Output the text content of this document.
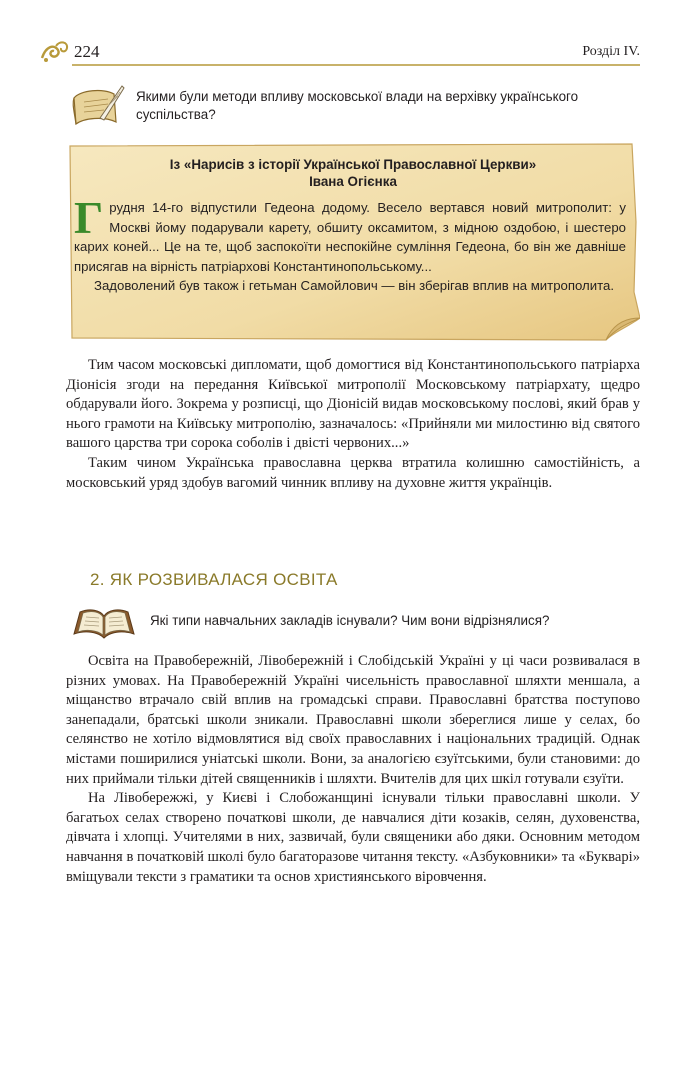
224	Розділ IV.
Якими були методи впливу московської влади на верхівку українського суспільства?
Із «Нарисів з історії Української Православної Церкви»
Івана Огієнка

Грудня 14-го відпустили Гедеона додому. Весело вертався новий митрополит: у Москві йому подарували карету, обшиту оксамитом, з мідною оздобою, і шестеро карих коней... Це на те, щоб заспокоїти неспокійне сумління Гедеона, бо він же давніше присягав на вірність патріархові Константинопольському...

Задоволений був також і гетьман Самойлович — він зберігав вплив на митрополита.

Тим часом московські дипломати, щоб домогтися від Константинопольського патріарха Діонісія згоди на передання Київської митрополії Московському патріархату, щедро обдарували його. Зокрема у розписці, що Діонісій видав московському послові, який брав у нього грамоти на Київську митрополію, зазначалось: «Прийняли ми милостиню від святого вашого царства три сорока соболів і двісті червоних...»

Таким чином Українська православна церква втратила колишню самостійність, а московський уряд здобув вагомий чинник впливу на духовне життя українців.

2. ЯК РОЗВИВАЛАСЯ ОСВІТА
Які типи навчальних закладів існували? Чим вони відрізнялися?

Освіта на Правобережній, Лівобережній і Слобідській Україні у ці часи розвивалася в різних умовах. На Правобережній Україні чисельність православної шляхти меншала, а міщанство втрачало свій вплив на громадські справи. Православні братства поступово занепадали, братські школи зникали. Православні школи збереглися лише у селах, бо селянство не хотіло відмовлятися від своїх православних і національних традицій. Однак містами поширилися уніатські школи. Вони, за аналогією єзуїтськими, були становими: до них приймали тільки дітей священників і шляхти. Вчителів для цих шкіл готували єзуїти.

На Лівобережжі, у Києві і Слобожанщині існували тільки православні школи. У багатьох селах створено початкові школи, де навчалися діти козаків, селян, духовенства, дівчата і хлопці. Учителями в них, зазвичай, були священики або дяки. Основним методом навчання в початковій школі було багаторазове читання тексту. «Азбуковники» та «Букварі» вміщували тексти з граматики та основ християнського віровчення.
